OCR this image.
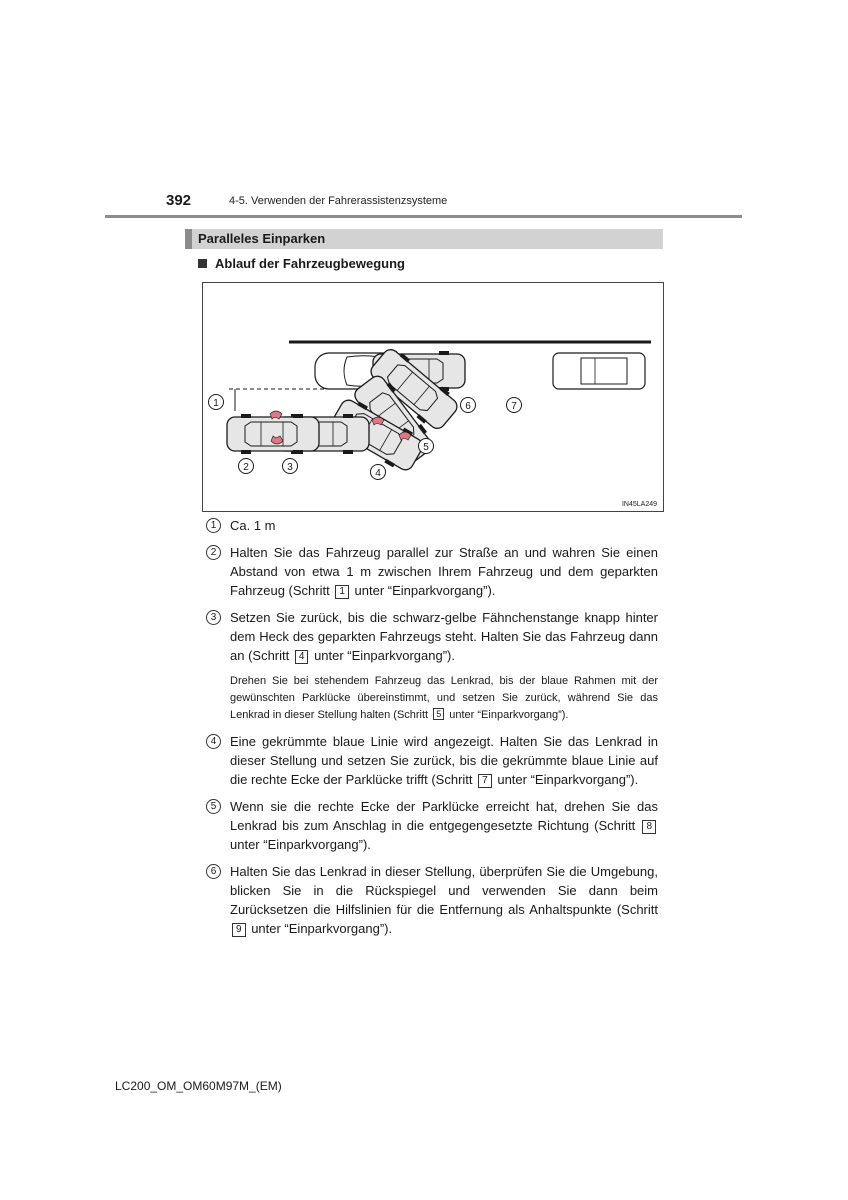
392	4-5. Verwenden der Fahrerassistenzsysteme
Paralleles Einparken
Ablauf der Fahrzeugbewegung
1
2	3
4
5
6	7
IN45LA249
1	Ca. 1 m
2	Halten Sie das Fahrzeug parallel zur Straße an und wahren Sie einen Abstand von etwa 1 m zwischen Ihrem Fahrzeug und dem geparkten Fahrzeug (Schritt 1 unter “Einparkvorgang”).
3	Setzen Sie zurück, bis die schwarz-gelbe Fähnchenstange knapp hinter dem Heck des geparkten Fahrzeugs steht. Halten Sie das Fahrzeug dann an (Schritt 4 unter “Einparkvorgang”).
Drehen Sie bei stehendem Fahrzeug das Lenkrad, bis der blaue Rahmen mit der gewünschten Parklücke übereinstimmt, und setzen Sie zurück, während Sie das Lenkrad in dieser Stellung halten (Schritt 5 unter “Einparkvorgang”).
4	Eine gekrümmte blaue Linie wird angezeigt. Halten Sie das Lenkrad in dieser Stellung und setzen Sie zurück, bis die gekrümmte blaue Linie auf die rechte Ecke der Parklücke trifft (Schritt 7 unter “Einparkvorgang”).
5	Wenn sie die rechte Ecke der Parklücke erreicht hat, drehen Sie das Lenkrad bis zum Anschlag in die entgegengesetzte Richtung (Schritt 8 unter “Einparkvorgang”).
6	Halten Sie das Lenkrad in dieser Stellung, überprüfen Sie die Umgebung, blicken Sie in die Rückspiegel und verwenden Sie dann beim Zurücksetzen die Hilfslinien für die Entfernung als Anhaltspunkte (Schritt 9 unter “Einparkvorgang”).
LC200_OM_OM60M97M_(EM)
